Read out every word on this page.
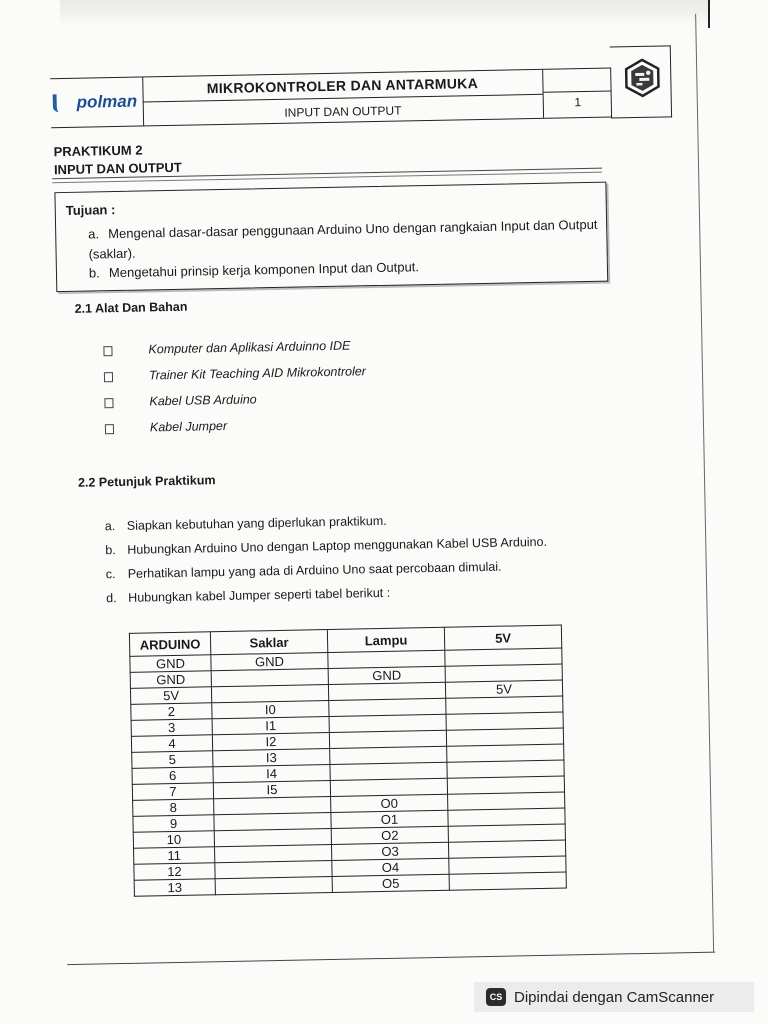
polman
MIKROKONTROLER DAN ANTARMUKA
INPUT DAN OUTPUT
1
PRAKTIKUM 2
INPUT DAN OUTPUT
Tujuan :
a. Mengenal dasar-dasar penggunaan Arduino Uno dengan rangkaian Input dan Output (saklar).
b. Mengetahui prinsip kerja komponen Input dan Output.
2.1 Alat Dan Bahan
Komputer dan Aplikasi Arduinno IDE
Trainer Kit Teaching AID Mikrokontroler
Kabel USB Arduino
Kabel Jumper
2.2 Petunjuk Praktikum
a. Siapkan kebutuhan yang diperlukan praktikum.
b. Hubungkan Arduino Uno dengan Laptop menggunakan Kabel USB Arduino.
c. Perhatikan lampu yang ada di Arduino Uno saat percobaan dimulai.
d. Hubungkan kabel Jumper seperti tabel berikut :
ARDUINO	Saklar	Lampu	5V
GND	GND		
GND		GND	
5V			5V
2	I0		
3	I1		
4	I2		
5	I3		
6	I4		
7	I5		
8		O0	
9		O1	
10		O2	
11		O3	
12		O4	
13		O5	
CS Dipindai dengan CamScanner
